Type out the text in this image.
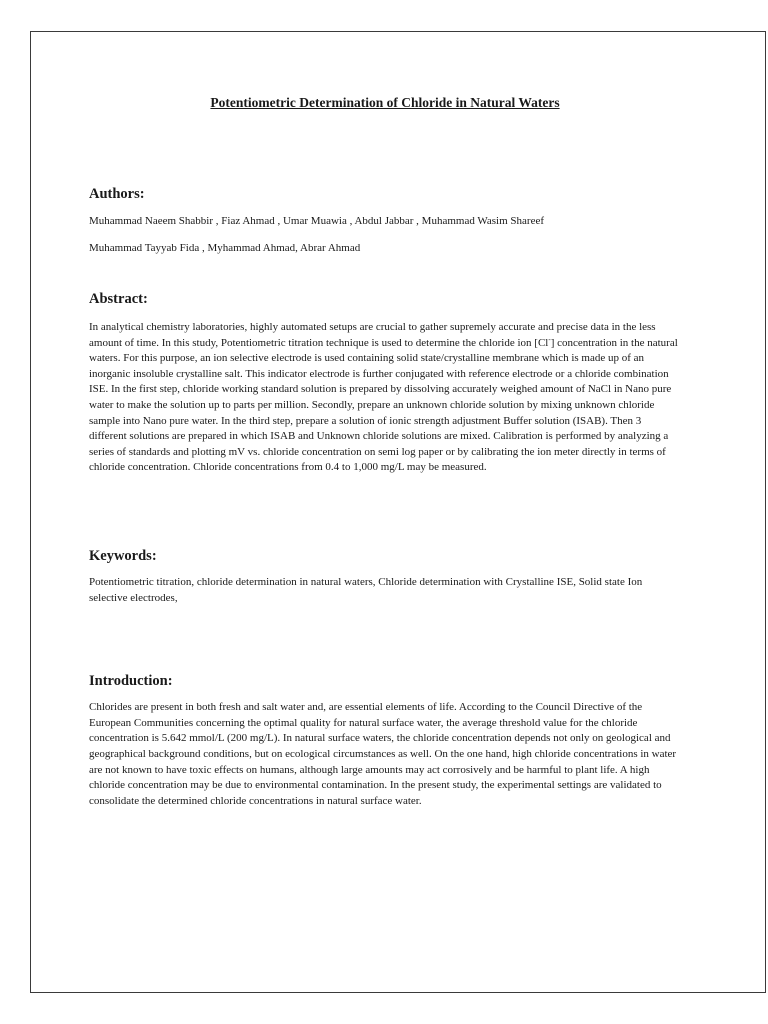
Potentiometric Determination of Chloride in Natural Waters
Authors:

Muhammad Naeem Shabbir , Fiaz Ahmad , Umar Muawia , Abdul Jabbar , Muhammad Wasim Shareef

Muhammad Tayyab Fida , Myhammad Ahmad, Abrar Ahmad

Abstract:

In analytical chemistry laboratories, highly automated setups are crucial to gather supremely accurate and precise data in the less amount of time. In this study, Potentiometric titration technique is used to determine the chloride ion [Cl-] concentration in the natural waters. For this purpose, an ion selective electrode is used containing solid state/crystalline membrane which is made up of an inorganic insoluble crystalline salt. This indicator electrode is further conjugated with reference electrode or a chloride combination ISE. In the first step, chloride working standard solution is prepared by dissolving accurately weighed amount of NaCl in Nano pure water to make the solution up to parts per million. Secondly, prepare an unknown chloride solution by mixing unknown chloride sample into Nano pure water. In the third step, prepare a solution of ionic strength adjustment Buffer solution (ISAB). Then 3 different solutions are prepared in which ISAB and Unknown chloride solutions are mixed. Calibration is performed by analyzing a series of standards and plotting mV vs. chloride concentration on semi log paper or by calibrating the ion meter directly in terms of chloride concentration. Chloride concentrations from 0.4 to 1,000 mg/L may be measured.

Keywords:

Potentiometric titration, chloride determination in natural waters, Chloride determination with Crystalline ISE, Solid state Ion selective electrodes,

Introduction:

Chlorides are present in both fresh and salt water and, are essential elements of life. According to the Council Directive of the European Communities concerning the optimal quality for natural surface water, the average threshold value for the chloride concentration is 5.642 mmol/L (200 mg/L). In natural surface waters, the chloride concentration depends not only on geological and geographical background conditions, but on ecological circumstances as well. On the one hand, high chloride concentrations in water are not known to have toxic effects on humans, although large amounts may act corrosively and be harmful to plant life. A high chloride concentration may be due to environmental contamination. In the present study, the experimental settings are validated to consolidate the determined chloride concentrations in natural surface water.
